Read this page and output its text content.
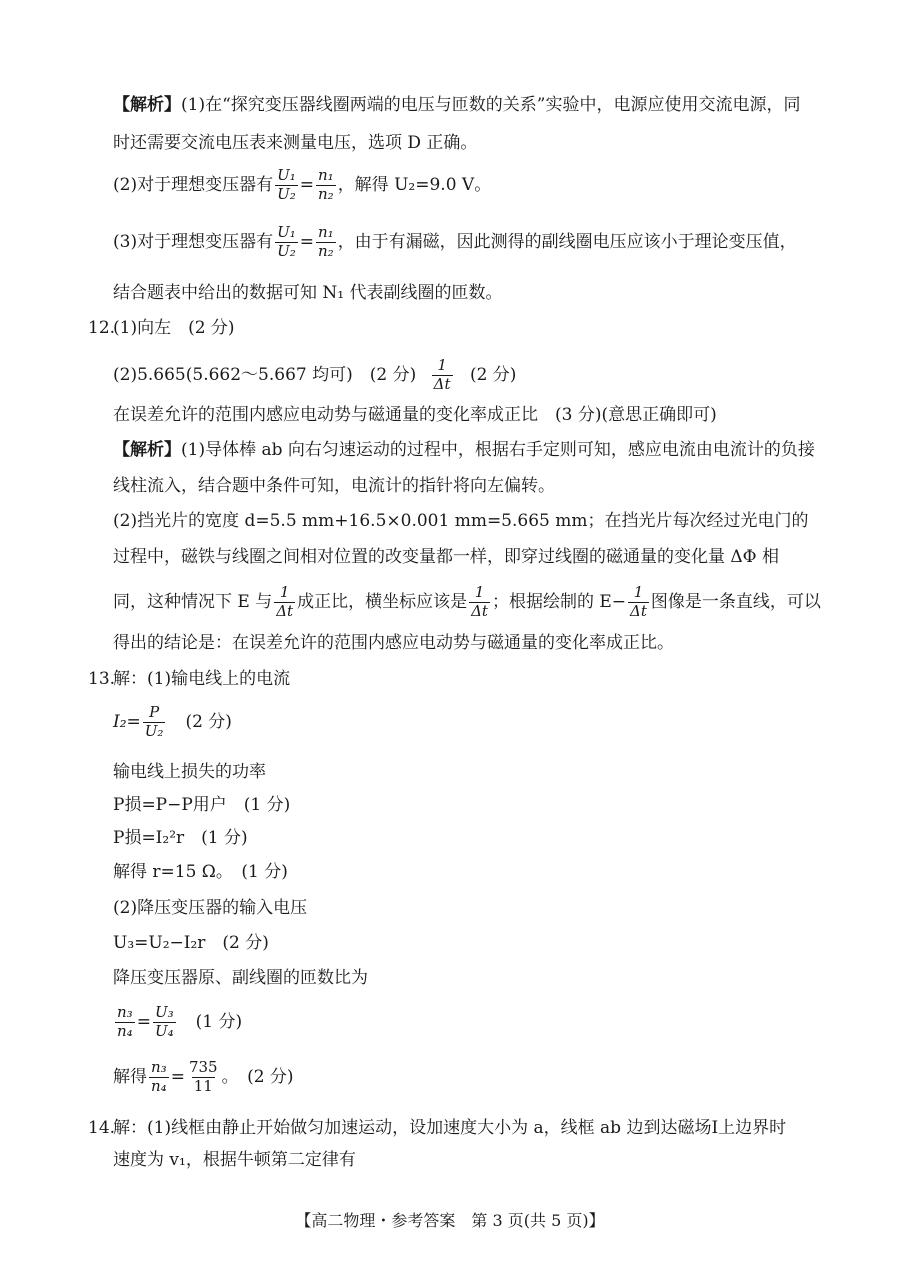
【解析】(1)在“探究变压器线圈两端的电压与匝数的关系”实验中，电源应使用交流电源，同
时还需要交流电压表来测量电压，选项 D 正确。
(2)对于理想变压器有 $\frac{\text{U₁}}{\text{U₂}} = \frac{\text{n₁}}{\text{n₂}}$ ，解得 U₂=9.0 V。
(3)对于理想变压器有 $\frac{\text{U₁}}{\text{U₂}} = \frac{\text{n₁}}{\text{n₂}}$ ，由于有漏磁，因此测得的副线圈电压应该小于理论变压值，
结合题表中给出的数据可知 N₁ 代表副线圈的匝数。
12.
(1)向左　(2 分)
(2)5.665(5.662～5.667 均可)　(2 分) $\frac{1}{\Delta t} (2$ 分)
在误差允许的范围内感应电动势与磁通量的变化率成正比　(3 分)(意思正确即可)
【解析】(1)导体棒 ab 向右匀速运动的过程中，根据右手定则可知，感应电流由电流计的负接
线柱流入，结合题中条件可知，电流计的指针将向左偏转。
(2)挡光片的宽度 d=5.5 mm+16.5×0.001 mm=5.665 mm；在挡光片每次经过光电门的
过程中，磁铁与线圈之间相对位置的改变量都一样，即穿过线圈的磁通量的变化量 ΔΦ 相
同，这种情况下 E 与 $\frac{1}{\Delta t}$ 成正比，横坐标应该是 $\frac{1}{\Delta t}$ ；根据绘制的 $E- \frac{1}{\Delta t}$ 图像是一条直线，可以
得出的结论是：在误差允许的范围内感应电动势与磁通量的变化率成正比。
13.
解：(1)输电线上的电流
$I_2= \frac{P}{\text{U₂}} (2$ 分)
输电线上损失的功率
P损=P−P用户　(1 分)
P损=I₂²r　(1 分)
解得 r=15 Ω。　(1 分)
(2)降压变压器的输入电压
U₃=U₂−I₂r　(2 分)
降压变压器原、副线圈的匝数比为
$\frac{\text{n₃}}{\text{n₄}} = \frac{\text{U₃}}{\text{U₄}} (1$ 分)
解得 $\frac{\text{n₃}}{\text{n₄}} = \frac{735}{11}$ 。　(2 分)
14.
解：(1)线框由静止开始做匀加速运动，设加速度大小为 a，线框 ab 边到达磁场Ⅰ上边界时
速度为 v₁，根据牛顿第二定律有
【高二物理・参考答案　第 3 页(共 5 页)】
